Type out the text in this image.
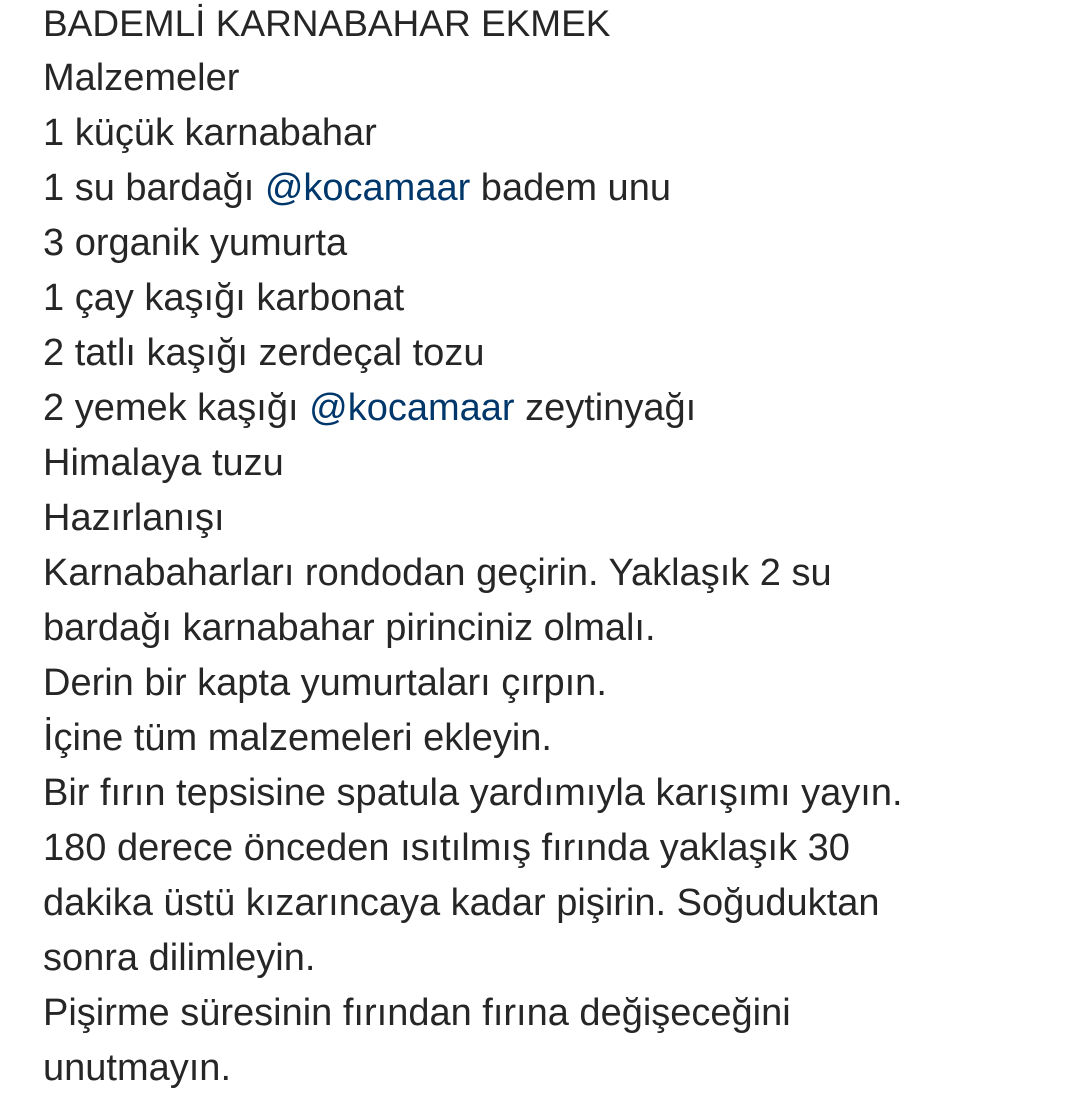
BADEMLİ KARNABAHAR EKMEK
Malzemeler
1 küçük karnabahar
1 su bardağı @kocamaar badem unu
3 organik yumurta
1 çay kaşığı karbonat
2 tatlı kaşığı zerdeçal tozu
2 yemek kaşığı @kocamaar zeytinyağı
Himalaya tuzu
Hazırlanışı
Karnabaharları rondodan geçirin. Yaklaşık 2 su
bardağı karnabahar pirinciniz olmalı.
Derin bir kapta yumurtaları çırpın.
İçine tüm malzemeleri ekleyin.
Bir fırın tepsisine spatula yardımıyla karışımı yayın.
180 derece önceden ısıtılmış fırında yaklaşık 30
dakika üstü kızarıncaya kadar pişirin. Soğuduktan
sonra dilimleyin.
Pişirme süresinin fırından fırına değişeceğini
unutmayın.
